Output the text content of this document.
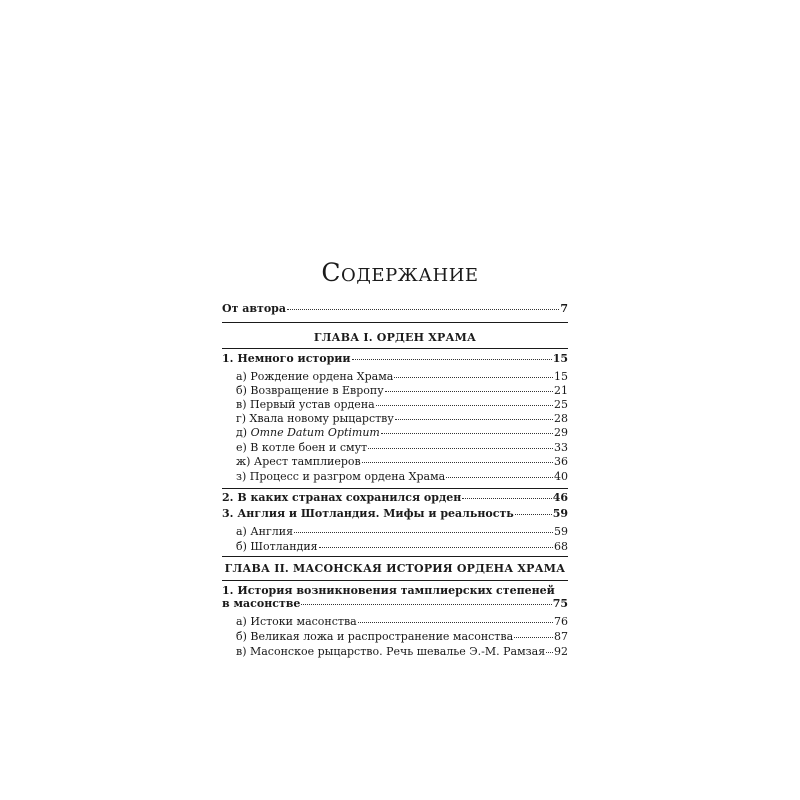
Содержание
От автора	7
ГЛАВА I. ОРДЕН ХРАМА
1. Немного истории	15
а) Рождение ордена Храма	15
б) Возвращение в Европу	21
в) Первый устав ордена	25
г) Хвала новому рыцарству	28
д) Omne Datum Optimum	29
е) В котле боен и смут	33
ж) Арест тамплиеров	36
з) Процесс и разгром ордена Храма	40
2. В каких странах сохранился орден	46
3. Англия и Шотландия. Мифы и реальность	59
а) Англия	59
б) Шотландия	68
ГЛАВА II. МАСОНСКАЯ ИСТОРИЯ ОРДЕНА ХРАМА
1. История возникновения тамплиерских степеней
в масонстве	75
а) Истоки масонства	76
б) Великая ложа и распространение масонства	87
в) Масонское рыцарство. Речь шевалье Э.-М. Рамзая 92
